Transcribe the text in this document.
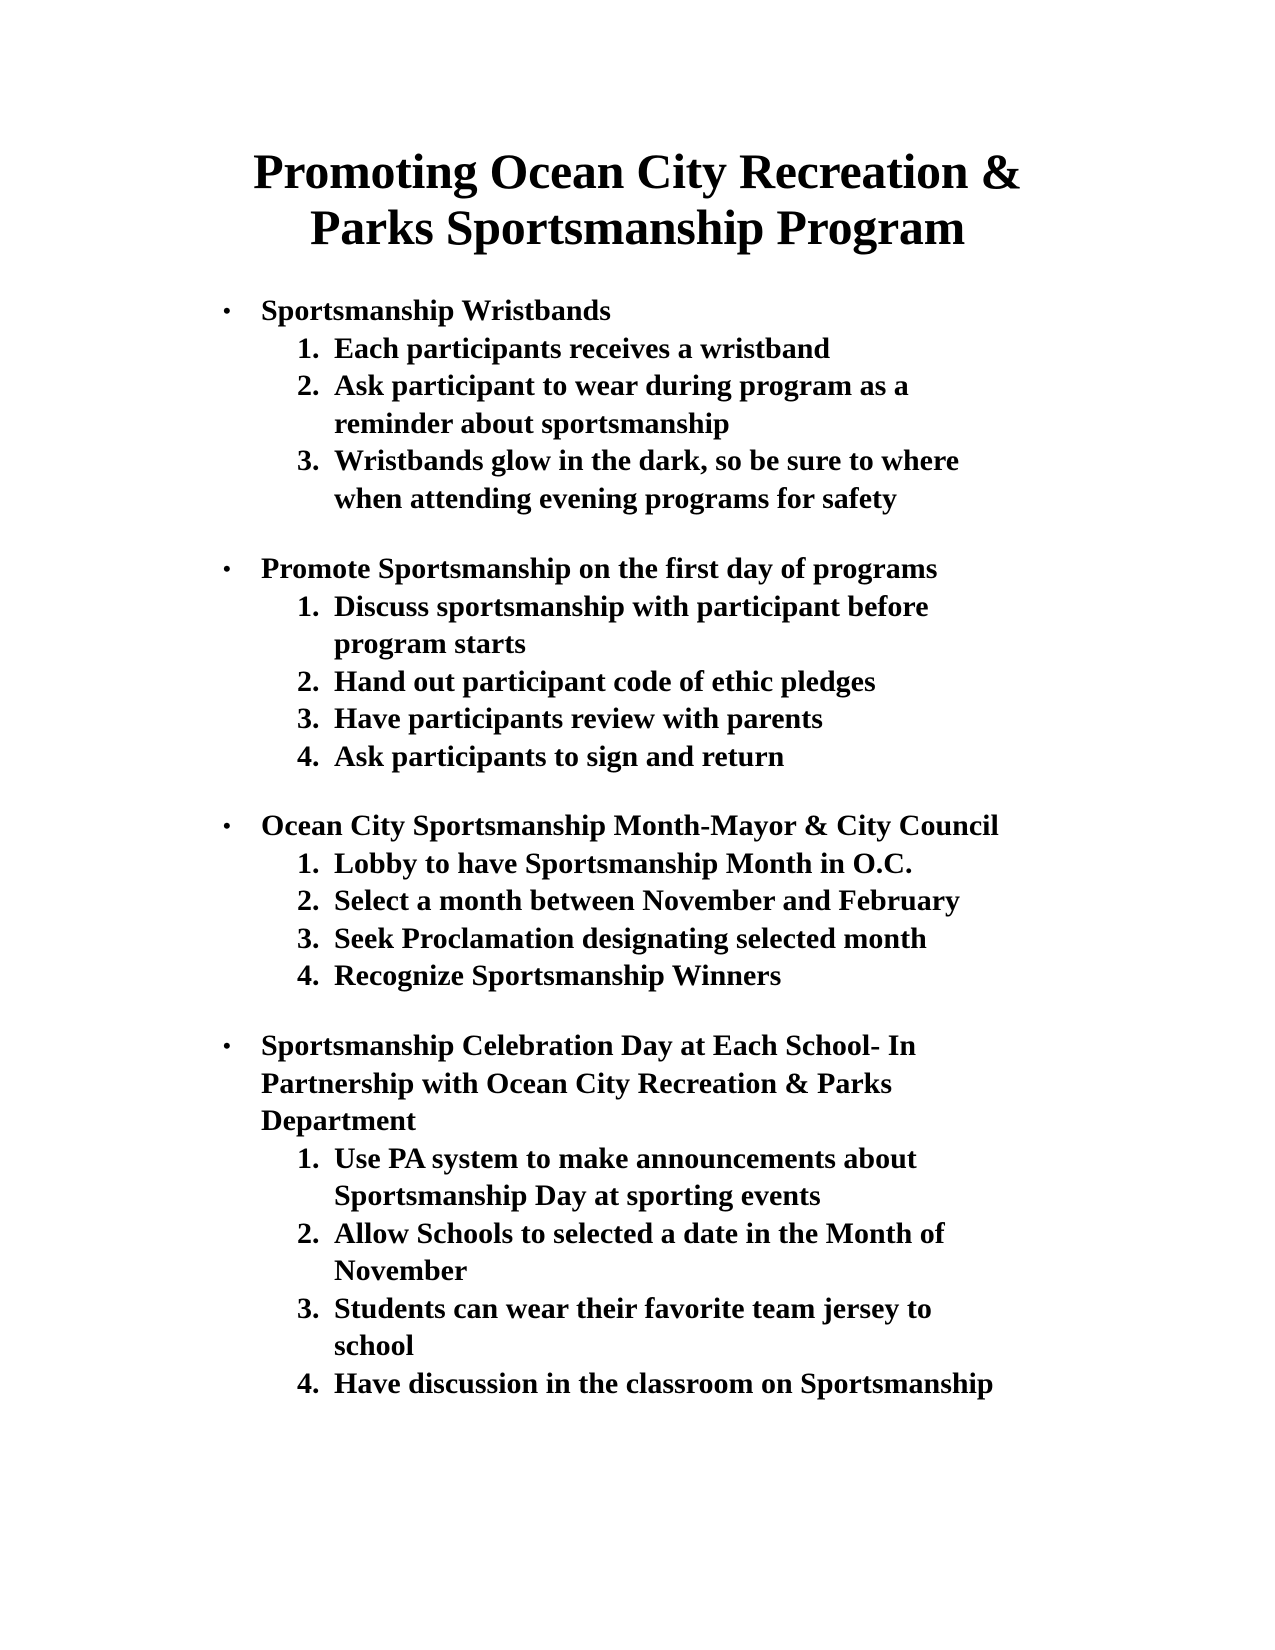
Promoting Ocean City Recreation &
Parks Sportsmanship Program
• Sportsmanship Wristbands
1. Each participants receives a wristband
2. Ask participant to wear during program as a
reminder about sportsmanship
3. Wristbands glow in the dark, so be sure to where
when attending evening programs for safety
• Promote Sportsmanship on the first day of programs
1. Discuss sportsmanship with participant before
program starts
2. Hand out participant code of ethic pledges
3. Have participants review with parents
4. Ask participants to sign and return
• Ocean City Sportsmanship Month-Mayor & City Council
1. Lobby to have Sportsmanship Month in O.C.
2. Select a month between November and February
3. Seek Proclamation designating selected month
4. Recognize Sportsmanship Winners
• Sportsmanship Celebration Day at Each School- In
Partnership with Ocean City Recreation & Parks
Department
1. Use PA system to make announcements about
Sportsmanship Day at sporting events
2. Allow Schools to selected a date in the Month of
November
3. Students can wear their favorite team jersey to
school
4. Have discussion in the classroom on Sportsmanship
